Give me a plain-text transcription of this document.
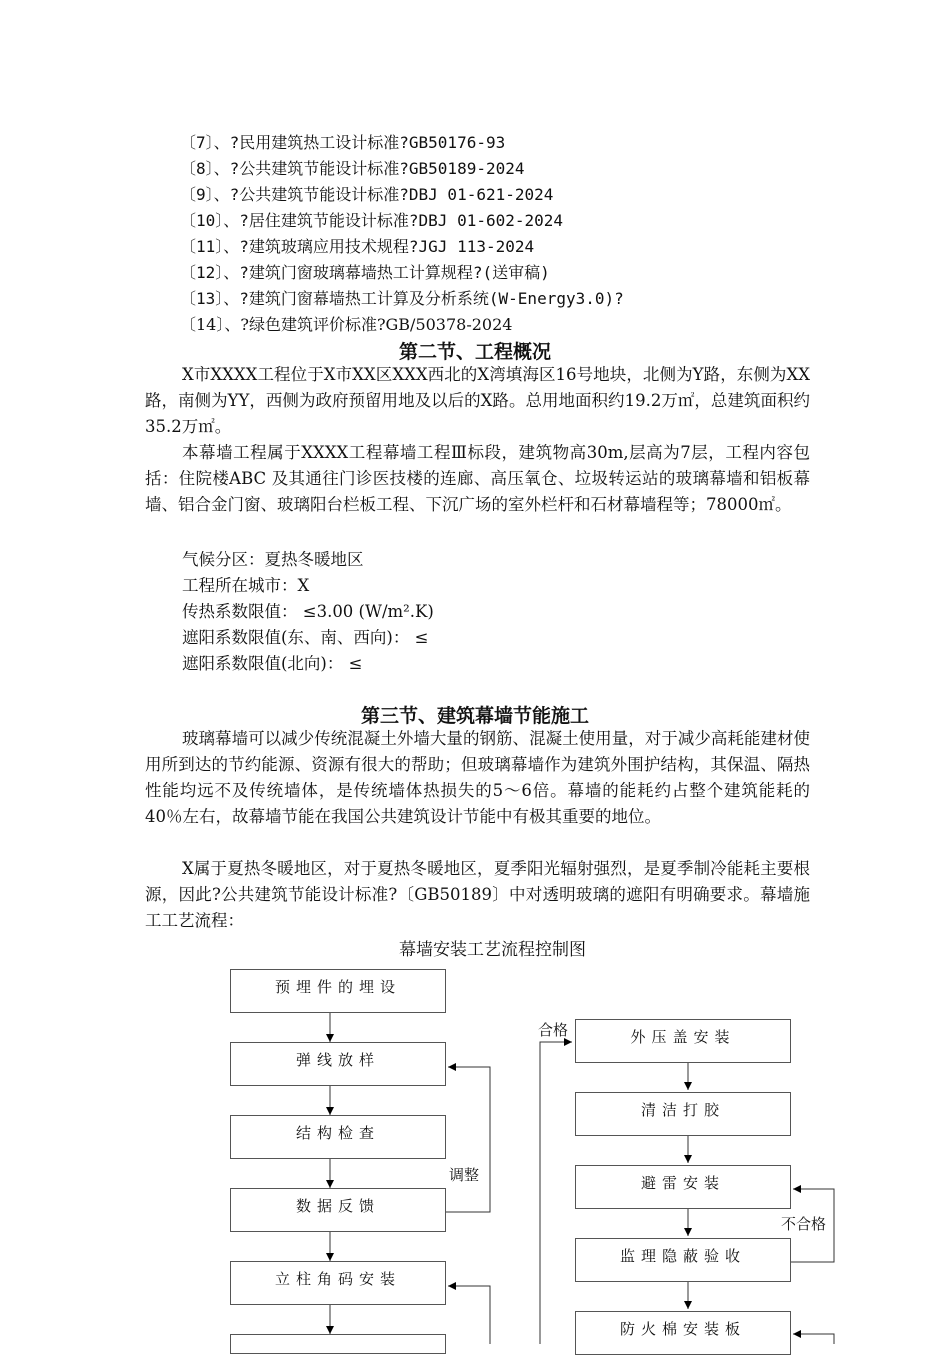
〔7〕、?民用建筑热工设计标准?GB50176-93
〔8〕、?公共建筑节能设计标准?GB50189-2024
〔9〕、?公共建筑节能设计标准?DBJ 01-621-2024
〔10〕、?居住建筑节能设计标准?DBJ 01-602-2024
〔11〕、?建筑玻璃应用技术规程?JGJ 113-2024
〔12〕、?建筑门窗玻璃幕墙热工计算规程?(送审稿)
〔13〕、?建筑门窗幕墙热工计算及分析系统(W-Energy3.0)?
〔14〕、?绿色建筑评价标准?GB/50378-2024
第二节、工程概况

X市XXXX工程位于X市XX区XXX西北的X湾填海区16号地块，北侧为Y路，东侧为XX路，南侧为YY，西侧为政府预留用地及以后的X路。总用地面积约19.2万㎡，总建筑面积约35.2万㎡。

本幕墙工程属于XXXX工程幕墙工程Ⅲ标段，建筑物高30m,层高为7层，工程内容包括：住院楼ABC 及其通往门诊医技楼的连廊、高压氧仓、垃圾转运站的玻璃幕墙和铝板幕墙、铝合金门窗、玻璃阳台栏板工程、下沉广场的室外栏杆和石材幕墙程等；78000㎡。

气候分区：夏热冬暖地区
工程所在城市：X
传热系数限值： ≤3.00 (W/m².K)
遮阳系数限值(东、南、西向)： ≤
遮阳系数限值(北向)： ≤
第三节、建筑幕墙节能施工

玻璃幕墙可以减少传统混凝土外墙大量的钢筋、混凝土使用量，对于减少高耗能建材使用所到达的节约能源、资源有很大的帮助；但玻璃幕墙作为建筑外围护结构，其保温、隔热性能均远不及传统墙体，是传统墙体热损失的5～6倍。幕墙的能耗约占整个建筑能耗的40％左右，故幕墙节能在我国公共建筑设计节能中有极其重要的地位。

X属于夏热冬暖地区，对于夏热冬暖地区，夏季阳光辐射强烈，是夏季制冷能耗主要根源，因此?公共建筑节能设计标准?〔GB50189〕中对透明玻璃的遮阳有明确要求。幕墙施工工艺流程：

幕墙安装工艺流程控制图
预埋件的埋设
弹线放样
结构检查
数据反馈
立柱角码安装
外压盖安装
清洁打胶
避雷安装
监理隐蔽验收
防火棉安装板
调整
合格
不合格
